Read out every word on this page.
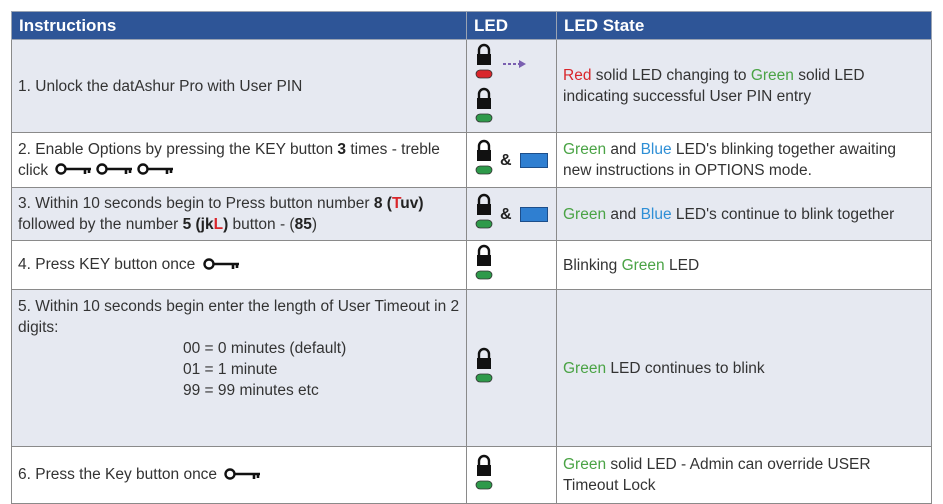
Instructions	LED	LED State
1. Unlock the datAshur Pro with User PIN		Red solid LED changing to Green solid LED indicating successful User PIN entry
2. Enable Options by pressing the KEY button 3 times - treble click	&	Green and Blue LED's blinking together awaiting new instructions in OPTIONS mode.
3. Within 10 seconds begin to Press button number 8 (Tuv) followed by the number 5 (jkL) button - (85)	&	Green and Blue LED's continue to blink together
4. Press KEY button once		Blinking Green LED

5. Within 10 seconds begin enter the length of User Timeout in 2 digits:
00 = 0 minutes (default)
01 = 1 minute
99 = 99 minutes etc		Green LED continues to blink
6. Press the Key button once		Green solid LED - Admin can override USER Timeout Lock
